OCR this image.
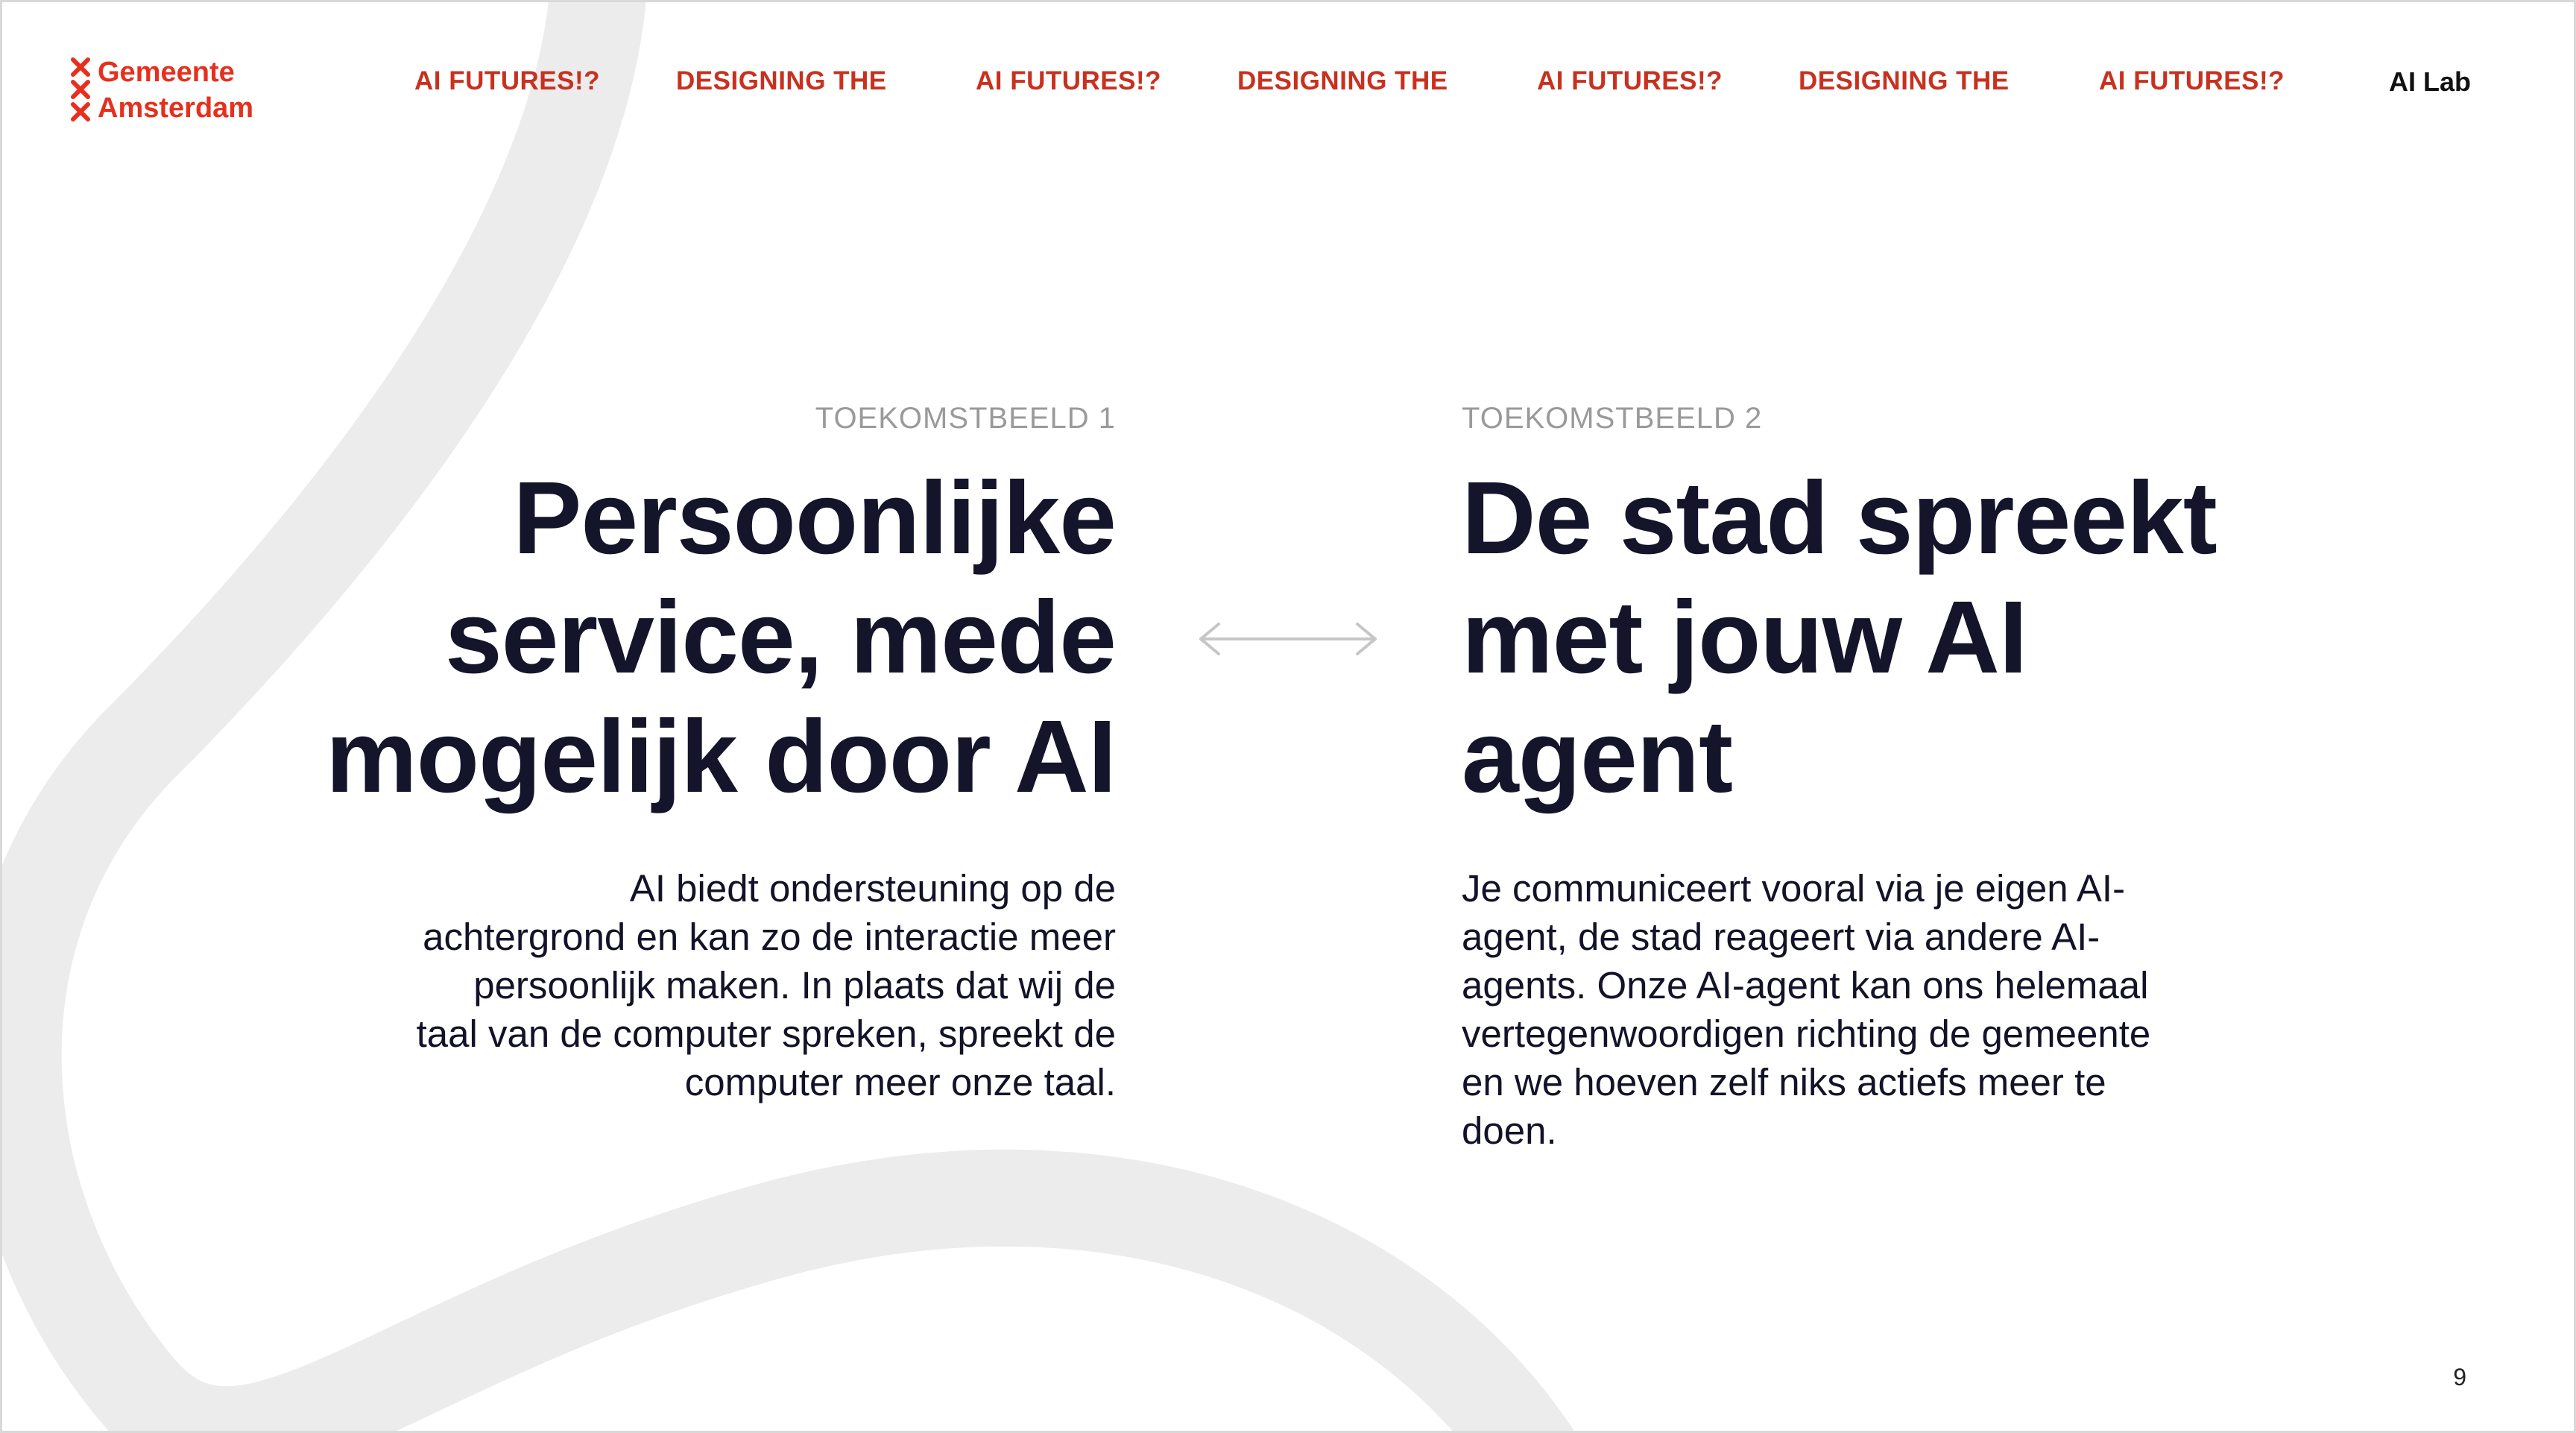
Gemeente
Amsterdam
AI FUTURES!?	DESIGNING THE	AI FUTURES!?	DESIGNING THE	AI FUTURES!?	DESIGNING THE	AI FUTURES!?	AI Lab
TOEKOMSTBEELD 1
Persoonlijke
service, mede
mogelijk door AI
AI biedt ondersteuning op de
achtergrond en kan zo de interactie meer
persoonlijk maken. In plaats dat wij de
taal van de computer spreken, spreekt de
computer meer onze taal.
TOEKOMSTBEELD 2
De stad spreekt
met jouw AI
agent
Je communiceert vooral via je eigen AI-
agent, de stad reageert via andere AI-
agents. Onze AI-agent kan ons helemaal
vertegenwoordigen richting de gemeente
en we hoeven zelf niks actiefs meer te
doen.
9
